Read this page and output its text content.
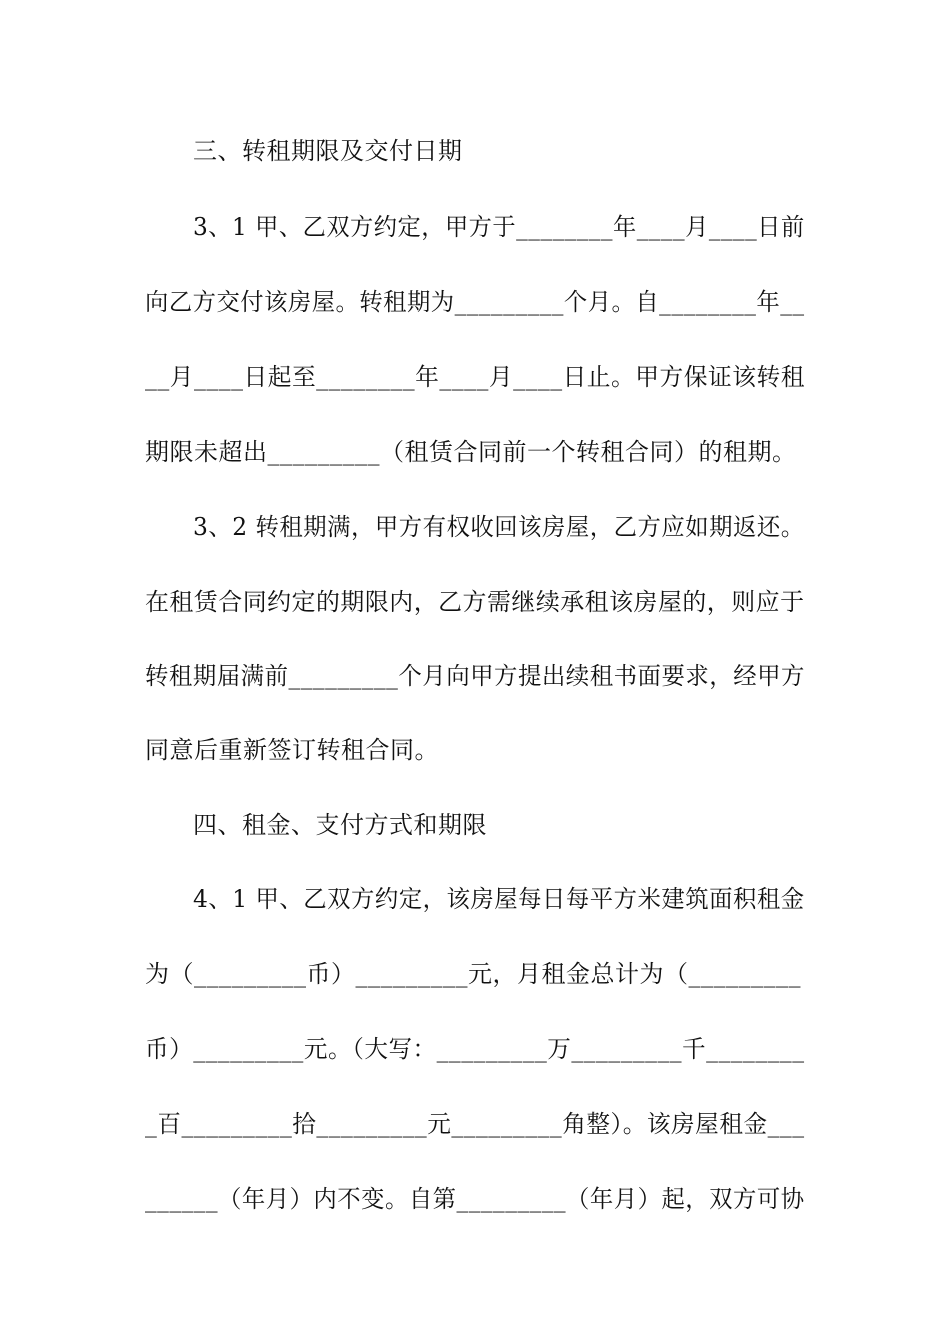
三、转租期限及交付日期
3、1 甲、乙双方约定，甲方于________年____月____日前
向乙方交付该房屋。转租期为_________个月。自________年__
__月____日起至________年____月____日止。甲方保证该转租
期限未超出_________（租赁合同前一个转租合同）的租期。
3、2 转租期满，甲方有权收回该房屋，乙方应如期返还。
在租赁合同约定的期限内，乙方需继续承租该房屋的，则应于
转租期届满前_________个月向甲方提出续租书面要求，经甲方
同意后重新签订转租合同。
四、租金、支付方式和期限
4、1 甲、乙双方约定，该房屋每日每平方米建筑面积租金
为（_________币）_________元，月租金总计为（_________
币）_________元。（大写：_________万_________千________
_百_________拾_________元_________角整）。该房屋租金___
______（年月）内不变。自第_________（年月）起，双方可协
